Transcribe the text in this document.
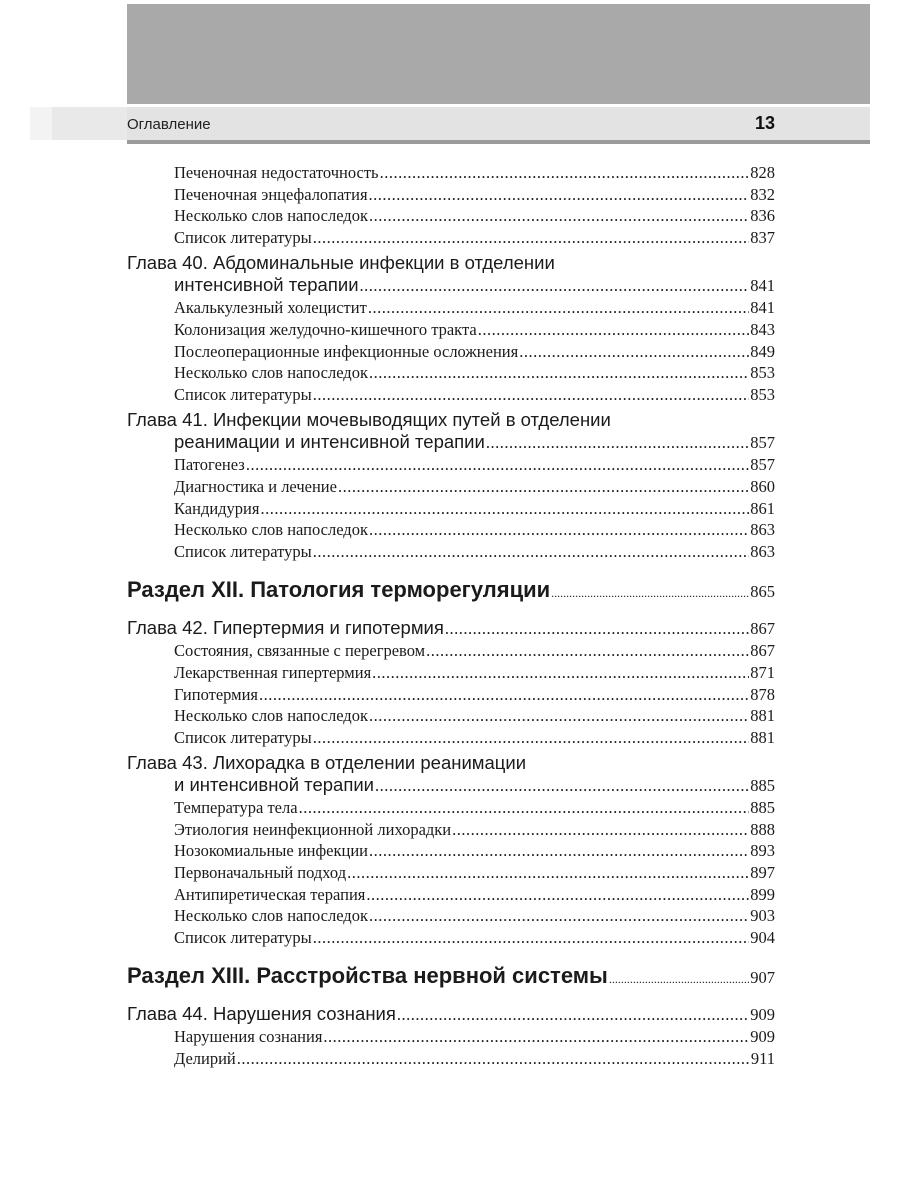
Оглавление	13
Печеночная недостаточность .....	828
Печеночная энцефалопатия .....	832
Несколько слов напоследок .....	836
Список литературы .....	837
Глава 40. Абдоминальные инфекции в отделении
интенсивной терапии .....	841
Акалькулезный холецистит .....	841
Колонизация желудочно-кишечного тракта .....	843
Послеоперационные инфекционные осложнения .....	849
Несколько слов напоследок .....	853
Список литературы .....	853
Глава 41. Инфекции мочевыводящих путей в отделении
реанимации и интенсивной терапии .....	857
Патогенез .....	857
Диагностика и лечение .....	860
Кандидурия .....	861
Несколько слов напоследок .....	863
Список литературы .....	863
Раздел XII. Патология терморегуляции .....	865
Глава 42. Гипертермия и гипотермия .....	867
Состояния, связанные с перегревом .....	867
Лекарственная гипертермия .....	871
Гипотермия .....	878
Несколько слов напоследок .....	881
Список литературы .....	881
Глава 43. Лихорадка в отделении реанимации
и интенсивной терапии .....	885
Температура тела .....	885
Этиология неинфекционной лихорадки .....	888
Нозокомиальные инфекции .....	893
Первоначальный подход .....	897
Антипиретическая терапия .....	899
Несколько слов напоследок .....	903
Список литературы .....	904
Раздел XIII. Расстройства нервной системы .....	907
Глава 44. Нарушения сознания .....	909
Нарушения сознания .....	909
Делирий .....	911
